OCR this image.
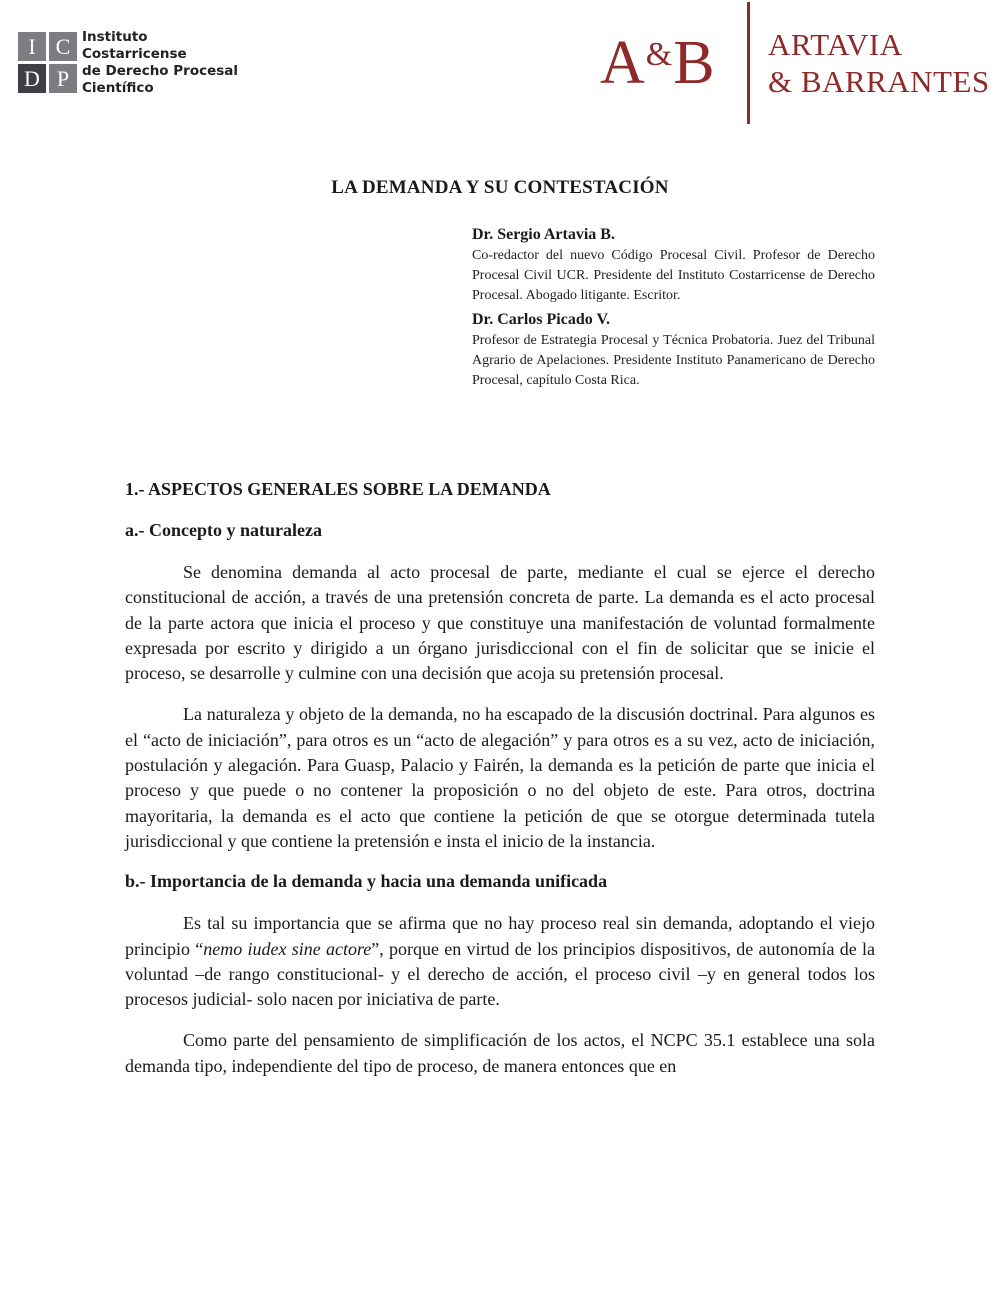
I C
D P
Instituto
Costarricense
de Derecho Procesal
Científico	A&B ARTAVIA
& BARRANTES
LA DEMANDA Y SU CONTESTACIÓN

Dr. Sergio Artavia B.

Co-redactor del nuevo Código Procesal Civil. Profesor de Derecho Procesal Civil UCR. Presidente del Instituto Costarricense de Derecho Procesal. Abogado litigante. Escritor.

Dr. Carlos Picado V.

Profesor de Estrategia Procesal y Técnica Probatoria. Juez del Tribunal Agrario de Apelaciones. Presidente Instituto Panamericano de Derecho Procesal, capítulo Costa Rica.

1.- ASPECTOS GENERALES SOBRE LA DEMANDA
a.- Concepto y naturaleza

Se denomina demanda al acto procesal de parte, mediante el cual se ejerce el derecho constitucional de acción, a través de una pretensión concreta de parte. La demanda es el acto procesal de la parte actora que inicia el proceso y que constituye una manifestación de voluntad formalmente expresada por escrito y dirigido a un órgano jurisdiccional con el fin de solicitar que se inicie el proceso, se desarrolle y culmine con una decisión que acoja su pretensión procesal.

La naturaleza y objeto de la demanda, no ha escapado de la discusión doctrinal. Para algunos es el “acto de iniciación”, para otros es un “acto de alegación” y para otros es a su vez, acto de iniciación, postulación y alegación. Para Guasp, Palacio y Fairén, la demanda es la petición de parte que inicia el proceso y que puede o no contener la proposición o no del objeto de este. Para otros, doctrina mayoritaria, la demanda es el acto que contiene la petición de que se otorgue determinada tutela jurisdiccional y que contiene la pretensión e insta el inicio de la instancia.

b.- Importancia de la demanda y hacia una demanda unificada

Es tal su importancia que se afirma que no hay proceso real sin demanda, adoptando el viejo principio “nemo iudex sine actore”, porque en virtud de los principios dispositivos, de autonomía de la voluntad –de rango constitucional- y el derecho de acción, el proceso civil –y en general todos los procesos judicial- solo nacen por iniciativa de parte.

Como parte del pensamiento de simplificación de los actos, el NCPC 35.1 establece una sola demanda tipo, independiente del tipo de proceso, de manera entonces que en
